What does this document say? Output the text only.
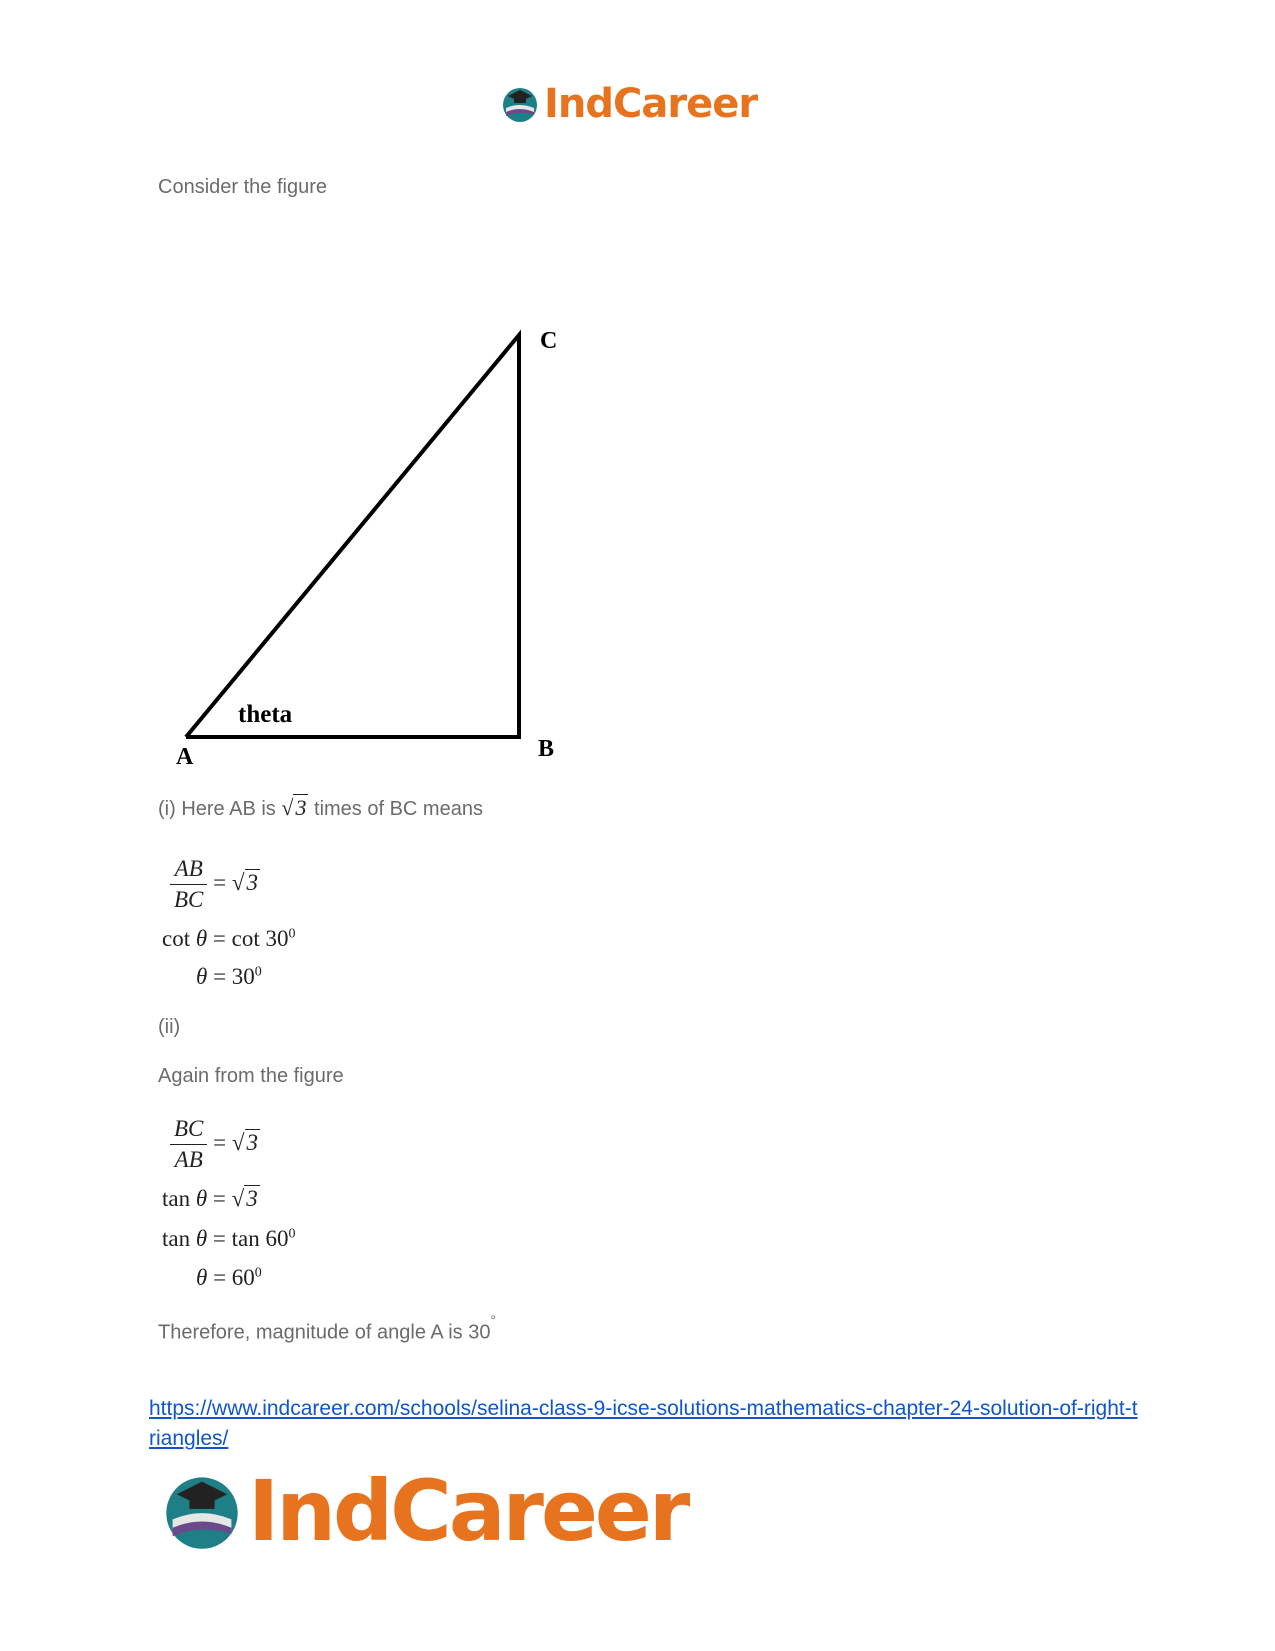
IndCareer
Consider the figure
C
B
A
theta
(i) Here AB is √3 times of BC means
$\frac{AB}{BC} = √3$
$\cot \theta = \cot 30^0$
$\theta = 30^0$
(ii)
Again from the figure
$\frac{BC}{AB} = √3$
tan θ = √3
$\tan \theta = \tan 60^0$
$\theta = 60^0$
Therefore, magnitude of angle A is 30°
https://www.indcareer.com/schools/selina-class-9-icse-solutions-mathematics-chapter-24-solution-of-right-triangles/
IndCareer
